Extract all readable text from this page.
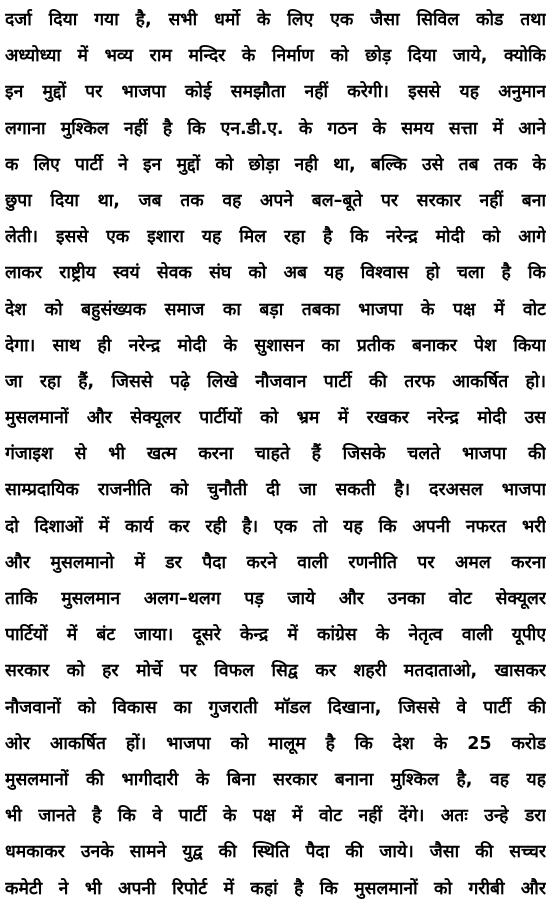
दर्जा दिया गया है, सभी धर्मो के लिए एक जैसा सिविल कोड तथा
अध्योध्या में भव्य राम मन्दिर के निर्माण को छोड़ दिया जाये, क्योकि
इन मुद्दों पर भाजपा कोई समझौता नहीं करेगी। इससे यह अनुमान
लगाना मुश्किल नहीं है कि एन.डी.ए. के गठन के समय सत्ता में आने
क लिए पार्टी ने इन मुद्दों को छोड़ा नही था, बल्कि उसे तब तक के
छुपा दिया था, जब तक वह अपने बल–बूते पर सरकार नहीं बना
लेती। इससे एक इशारा यह मिल रहा है कि नरेन्द्र मोदी को आगे
लाकर राष्ट्रीय स्वयं सेवक संघ को अब यह विश्वास हो चला है कि
देश को बहुसंख्यक समाज का बड़ा तबका भाजपा के पक्ष में वोट
देगा। साथ ही नरेन्द्र मोदी के सुशासन का प्रतीक बनाकर पेश किया
जा रहा हैं, जिससे पढ़े लिखे नौजवान पार्टी की तरफ आकर्षित हो।
मुसलमानों और सेक्यूलर पार्टीयों को भ्रम में रखकर नरेन्द्र मोदी उस
गंजाइश से भी खत्म करना चाहते हैं जिसके चलते भाजपा की
साम्प्रदायिक राजनीति को चुनौती दी जा सकती है। दरअसल भाजपा
दो दिशाओं में कार्य कर रही है। एक तो यह कि अपनी नफरत भरी
और मुसलमानो में डर पैदा करने वाली रणनीति पर अमल करना
ताकि मुसलमान अलग–थलग पड़ जाये और उनका वोट सेक्यूलर
पार्टियों में बंट जाया। दूसरे केन्द्र में कांग्रेस के नेतृत्व वाली यूपीए
सरकार को हर मोर्चे पर विफल सिद्व कर शहरी मतदाताओ, खासकर
नौजवानों को विकास का गुजराती मॉडल दिखाना, जिससे वे पार्टी की
ओर आकर्षित हों। भाजपा को मालूम है कि देश के 25 करोड
मुसलमानों की भागीदारी के बिना सरकार बनाना मुश्किल है, वह यह
भी जानते है कि वे पार्टी के पक्ष में वोट नहीं देंगे। अतः उन्हे डरा
धमकाकर उनके सामने युद्व की स्थिति पैदा की जाये। जैसा की सच्चर
कमेटी ने भी अपनी रिपोर्ट में कहां है कि मुसलमानों को गरीबी और
